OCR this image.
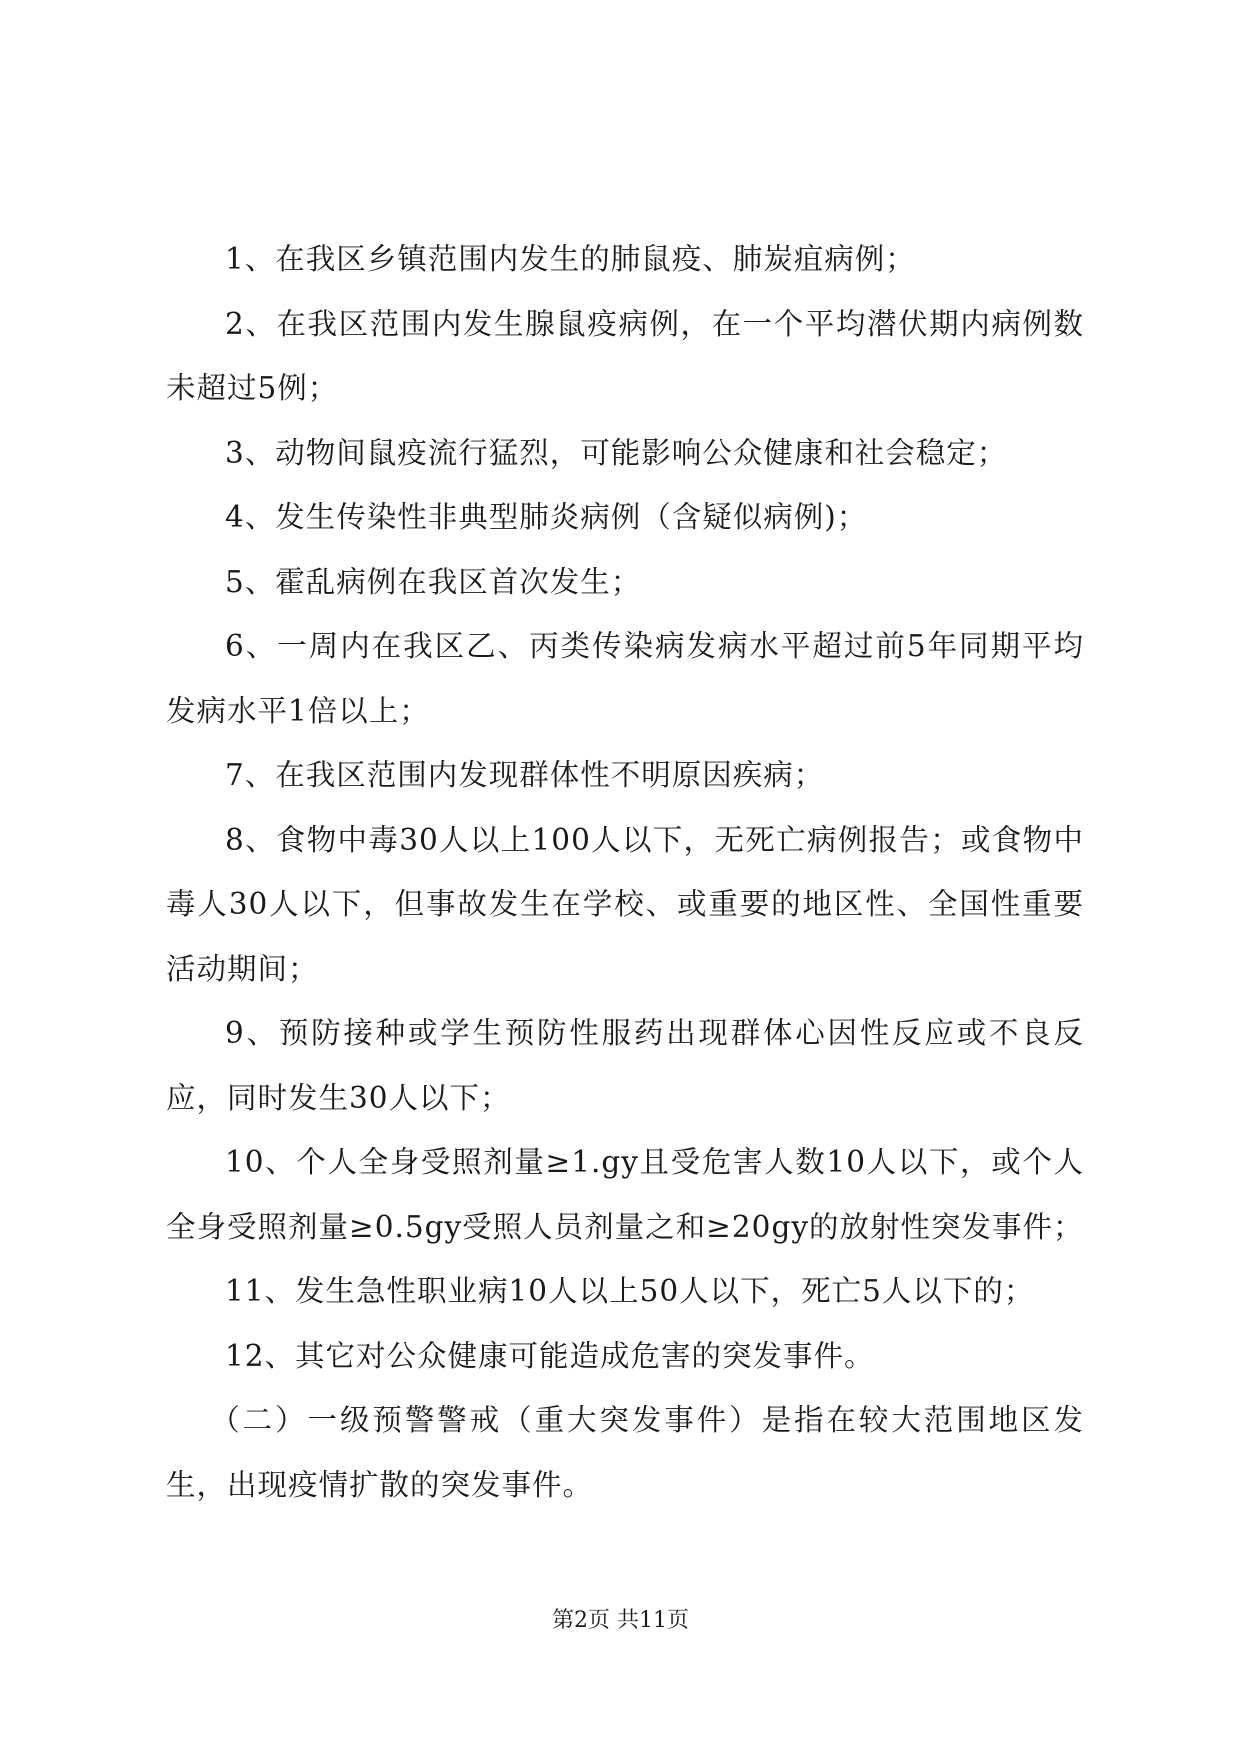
1、在我区乡镇范围内发生的肺鼠疫、肺炭疽病例；

2、在我区范围内发生腺鼠疫病例，在一个平均潜伏期内病例数未超过5例；

3、动物间鼠疫流行猛烈，可能影响公众健康和社会稳定；

4、发生传染性非典型肺炎病例（含疑似病例)；

5、霍乱病例在我区首次发生；

6、一周内在我区乙、丙类传染病发病水平超过前5年同期平均发病水平1倍以上；

7、在我区范围内发现群体性不明原因疾病；

8、食物中毒30人以上100人以下，无死亡病例报告；或食物中毒人30人以下，但事故发生在学校、或重要的地区性、全国性重要活动期间；

9、预防接种或学生预防性服药出现群体心因性反应或不良反应，同时发生30人以下；

10、个人全身受照剂量≥1.gy且受危害人数10人以下，或个人全身受照剂量≥0.5gy受照人员剂量之和≥20gy的放射性突发事件；

11、发生急性职业病10人以上50人以下，死亡5人以下的；

12、其它对公众健康可能造成危害的突发事件。

（二）一级预警警戒（重大突发事件）是指在较大范围地区发生，出现疫情扩散的突发事件。

第2页 共11页
